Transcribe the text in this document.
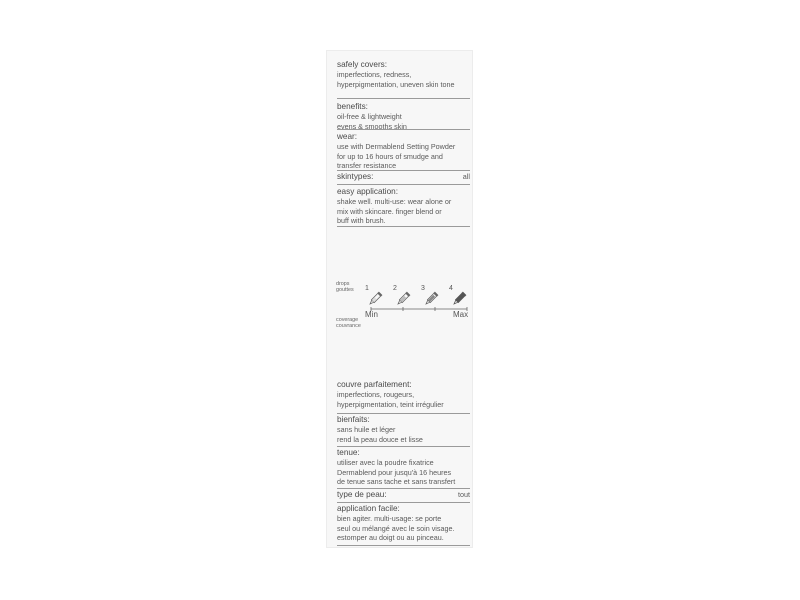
safely covers:
imperfections, redness,
hyperpigmentation, uneven skin tone
benefits:
oil-free & lightweight
evens & smooths skin
wear:
use with Dermablend Setting Powder
for up to 16 hours of smudge and
transfer resistance
skintypes:	all
easy application:
shake well. multi-use: wear alone or
mix with skincare. finger blend or
buff with brush.
drops
gouttes
coverage
couvrance
1	2	3	4
Min	Max
couvre parfaitement:
imperfections, rougeurs,
hyperpigmentation, teint irrégulier
bienfaits:
sans huile et léger
rend la peau douce et lisse
tenue:
utiliser avec la poudre fixatrice
Dermablend pour jusqu'à 16 heures
de tenue sans tache et sans transfert
type de peau:	tout
application facile:
bien agiter. multi-usage: se porte
seul ou mélangé avec le soin visage.
estomper au doigt ou au pinceau.
